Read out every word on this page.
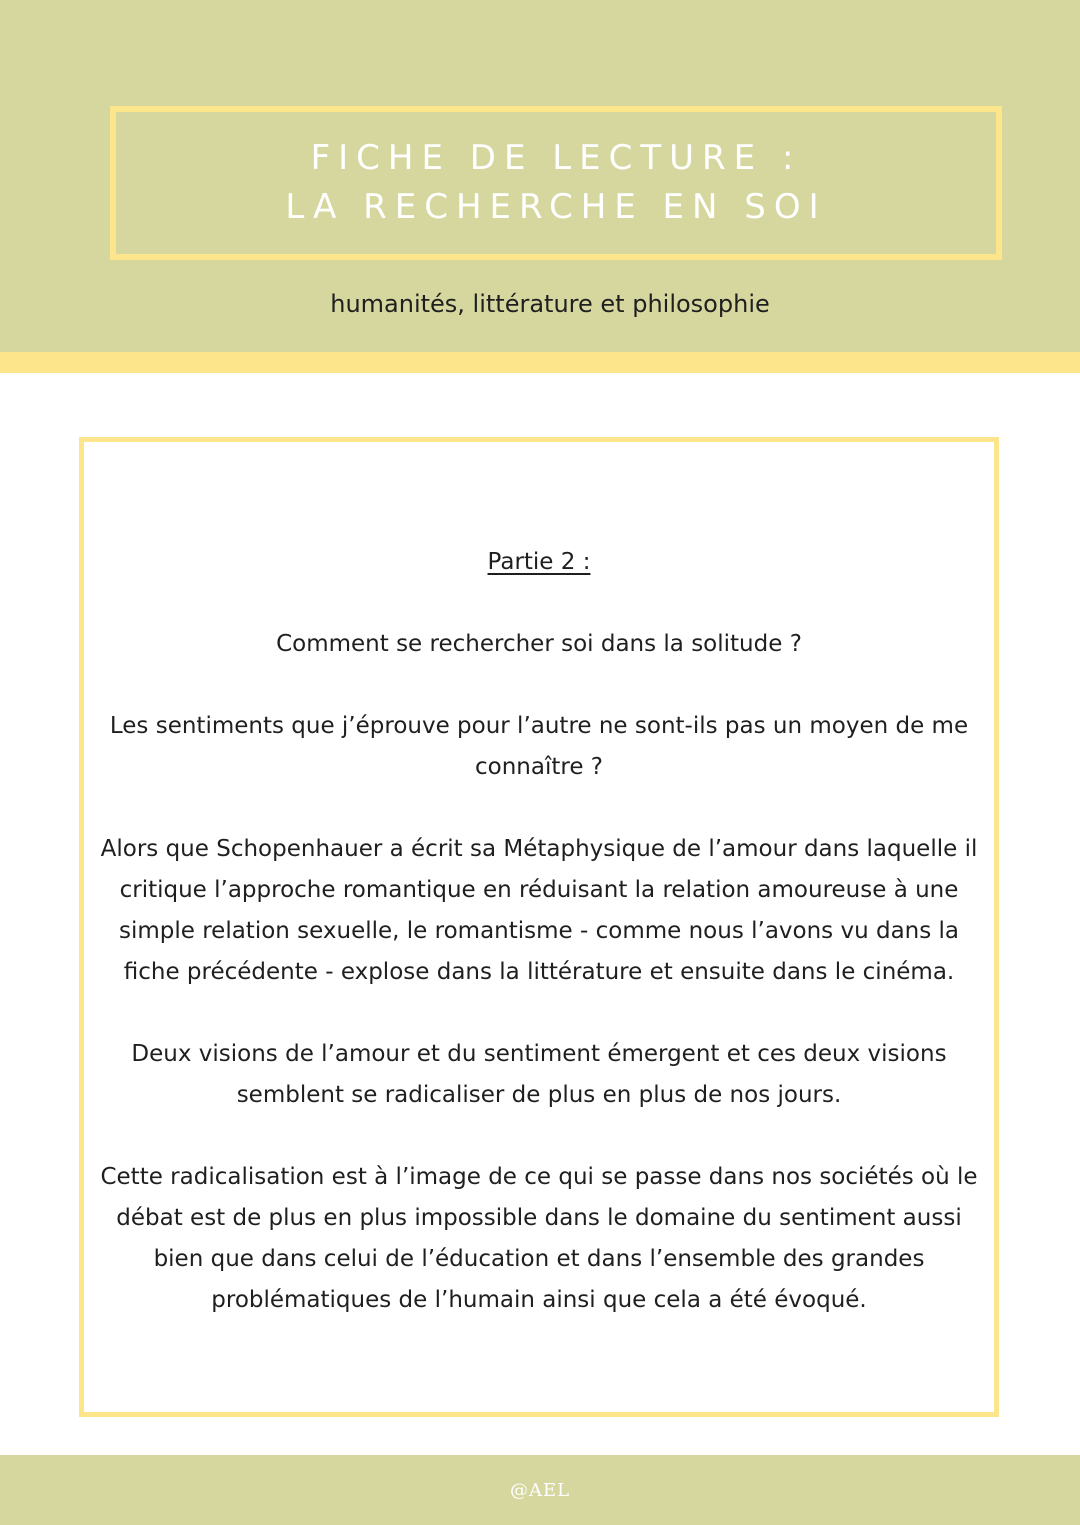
FICHE DE LECTURE :
LA RECHERCHE EN SOI
humanités, littérature et philosophie

Partie 2 :

Comment se rechercher soi dans la solitude ?

Les sentiments que j’éprouve pour l’autre ne sont-ils pas un moyen de me connaître ?

Alors que Schopenhauer a écrit sa Métaphysique de l’amour dans laquelle il critique l’approche romantique en réduisant la relation amoureuse à une simple relation sexuelle, le romantisme - comme nous l’avons vu dans la fiche précédente - explose dans la littérature et ensuite dans le cinéma.

Deux visions de l’amour et du sentiment émergent et ces deux visions semblent se radicaliser de plus en plus de nos jours.

Cette radicalisation est à l’image de ce qui se passe dans nos sociétés où le débat est de plus en plus impossible dans le domaine du sentiment aussi bien que dans celui de l’éducation et dans l’ensemble des grandes problématiques de l’humain ainsi que cela a été évoqué.

@AEL
